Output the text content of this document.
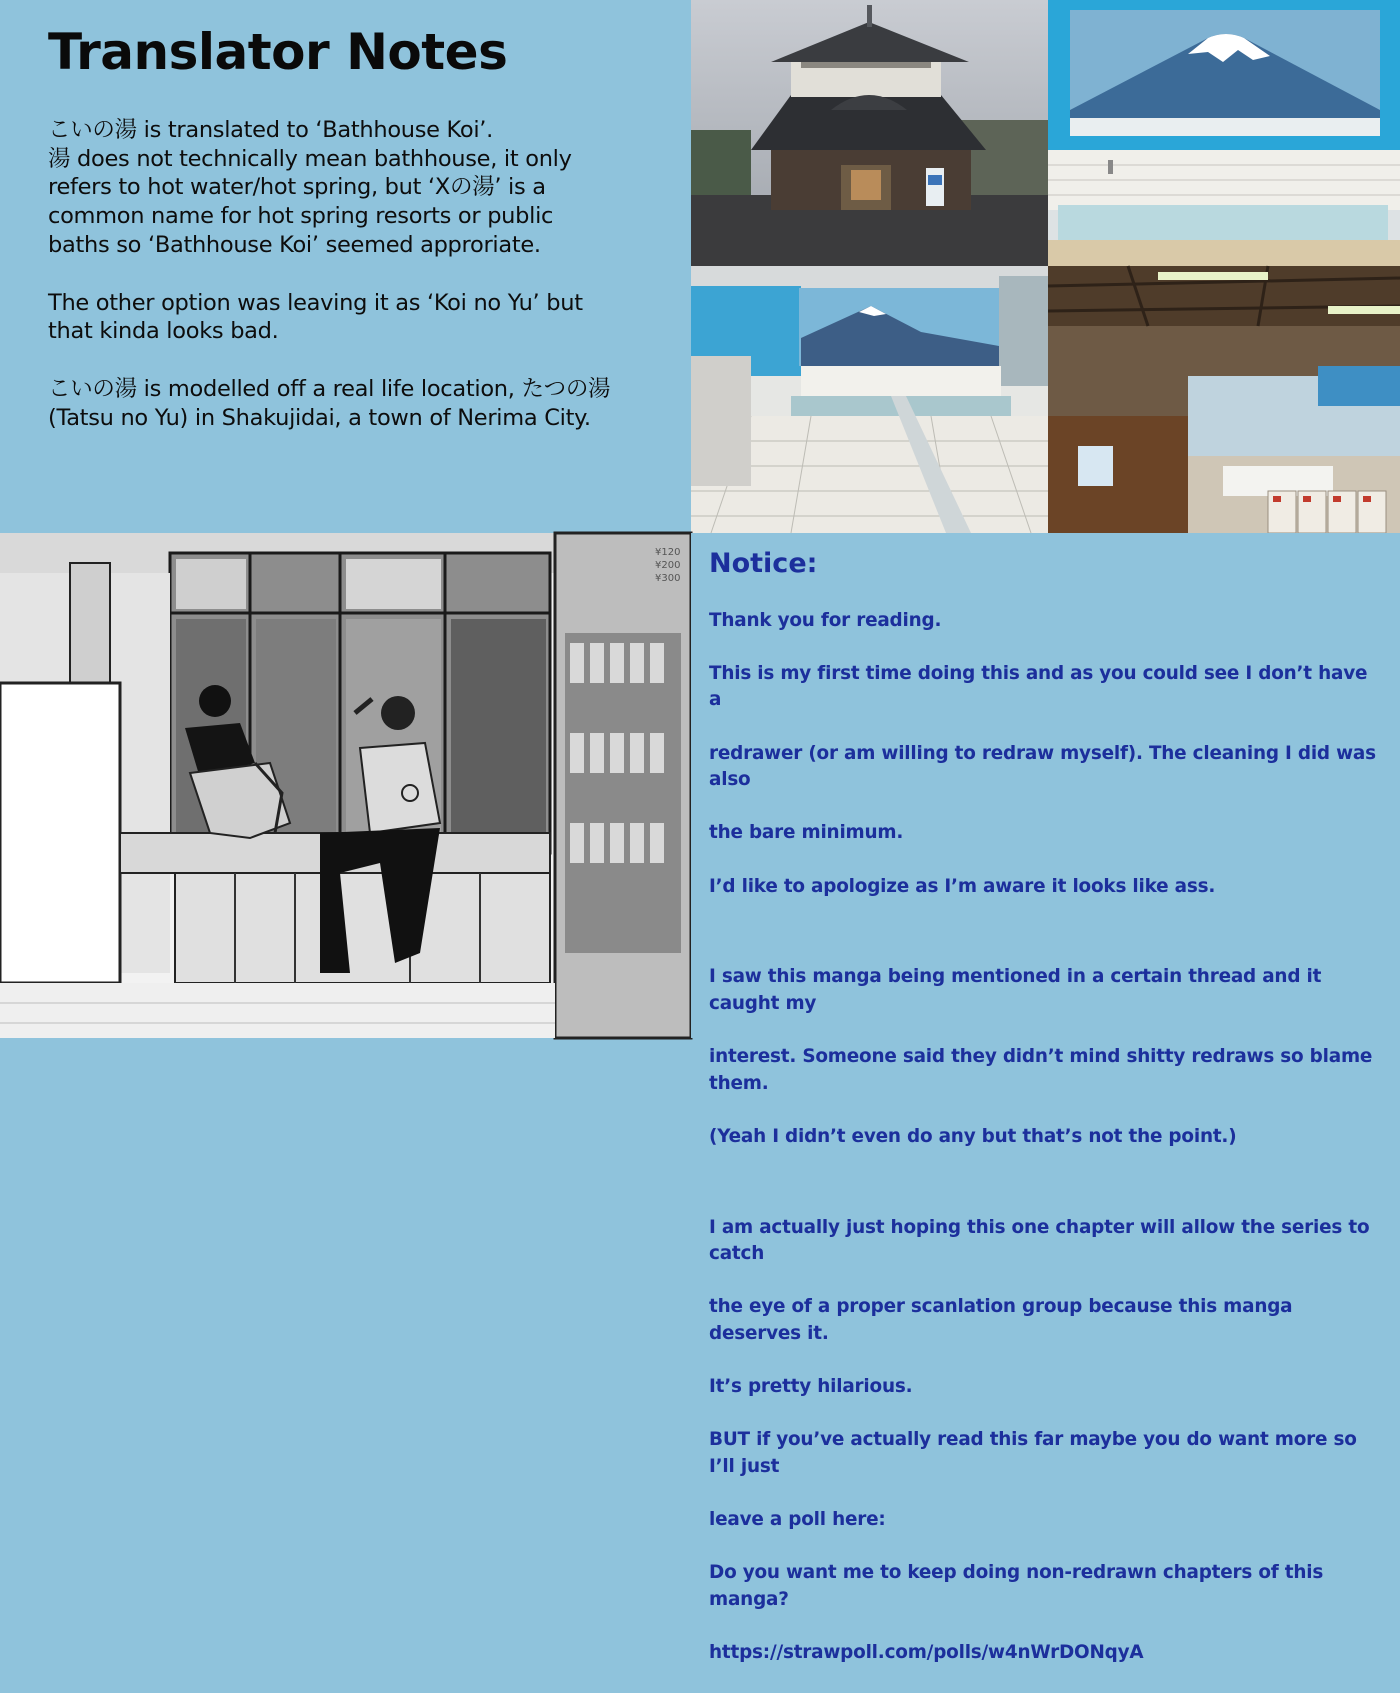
Translator Notes

こいの湯 is translated to ‘Bathhouse Koi’.
湯 does not technically mean bathhouse, it only
refers to hot water/hot spring, but ‘Xの湯’ is a
common name for hot spring resorts or public
baths so ‘Bathhouse Koi’ seemed approriate.

The other option was leaving it as ‘Koi no Yu’ but
that kinda looks bad.

こいの湯 is modelled off a real life location, たつの湯
(Tatsu no Yu) in Shakujidai, a town of Nerima City.

¥120
¥200
¥300 Notice:

Thank you for reading.

This is my first time doing this and as you could see I don’t have a

redrawer (or am willing to redraw myself). The cleaning I did was also

the bare minimum.

I’d like to apologize as I’m aware it looks like ass.

I saw this manga being mentioned in a certain thread and it caught my

interest. Someone said they didn’t mind shitty redraws so blame them.

(Yeah I didn’t even do any but that’s not the point.)

I am actually just hoping this one chapter will allow the series to catch

the eye of a proper scanlation group because this manga deserves it.

It’s pretty hilarious.

BUT if you’ve actually read this far maybe you do want more so I’ll just

leave a poll here:

Do you want me to keep doing non-redrawn chapters of this manga?

https://strawpoll.com/polls/w4nWrDONqyA
